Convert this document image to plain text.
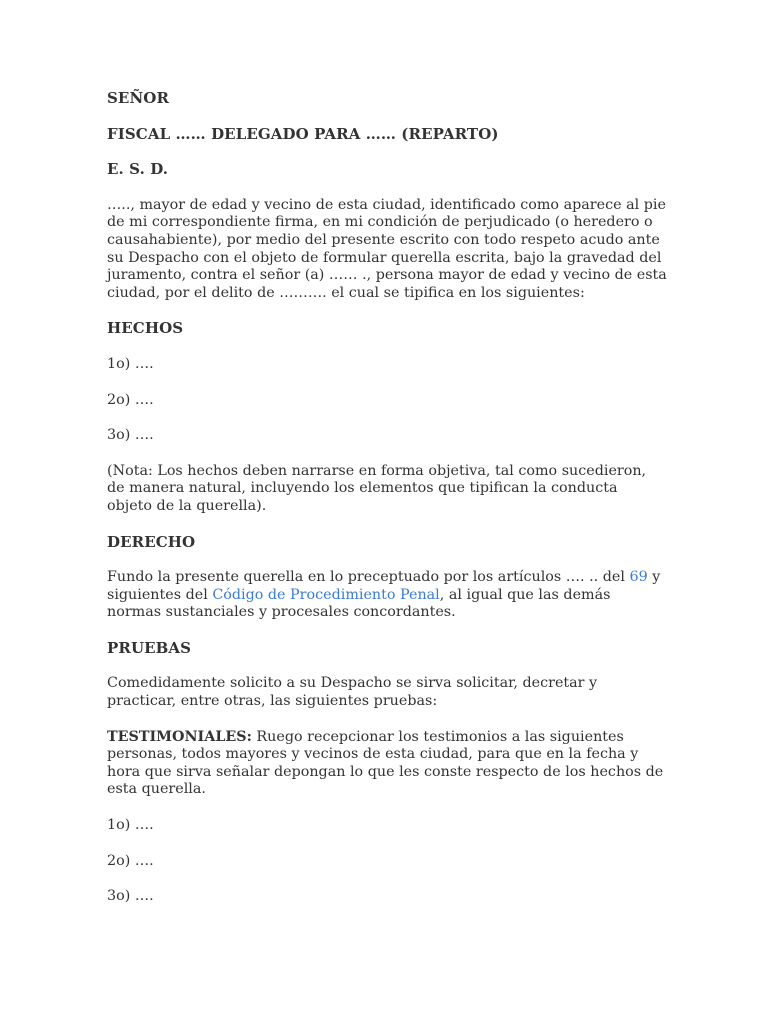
SEÑOR
FISCAL …… DELEGADO PARA …… (REPARTO)
E. S. D.

….., mayor de edad y vecino de esta ciudad, identificado como aparece al pie de mi correspondiente firma, en mi condición de perjudicado (o heredero o causahabiente), por medio del presente escrito con todo respeto acudo ante su Despacho con el objeto de formular querella escrita, bajo la gravedad del juramento, contra el señor (a) …… ., persona mayor de edad y vecino de esta ciudad, por el delito de ………. el cual se tipifica en los siguientes:

HECHOS
1o) ….
2o) ….
3o) ….

(Nota: Los hechos deben narrarse en forma objetiva, tal como sucedieron, de manera natural, incluyendo los elementos que tipifican la conducta objeto de la querella).

DERECHO

Fundo la presente querella en lo preceptuado por los artículos …. .. del 69 y siguientes del Código de Procedimiento Penal, al igual que las demás normas sustanciales y procesales concordantes.

PRUEBAS

Comedidamente solicito a su Despacho se sirva solicitar, decretar y practicar, entre otras, las siguientes pruebas:

TESTIMONIALES: Ruego recepcionar los testimonios a las siguientes personas, todos mayores y vecinos de esta ciudad, para que en la fecha y hora que sirva señalar depongan lo que les conste respecto de los hechos de esta querella.

1o) ….
2o) ….
3o) ….
